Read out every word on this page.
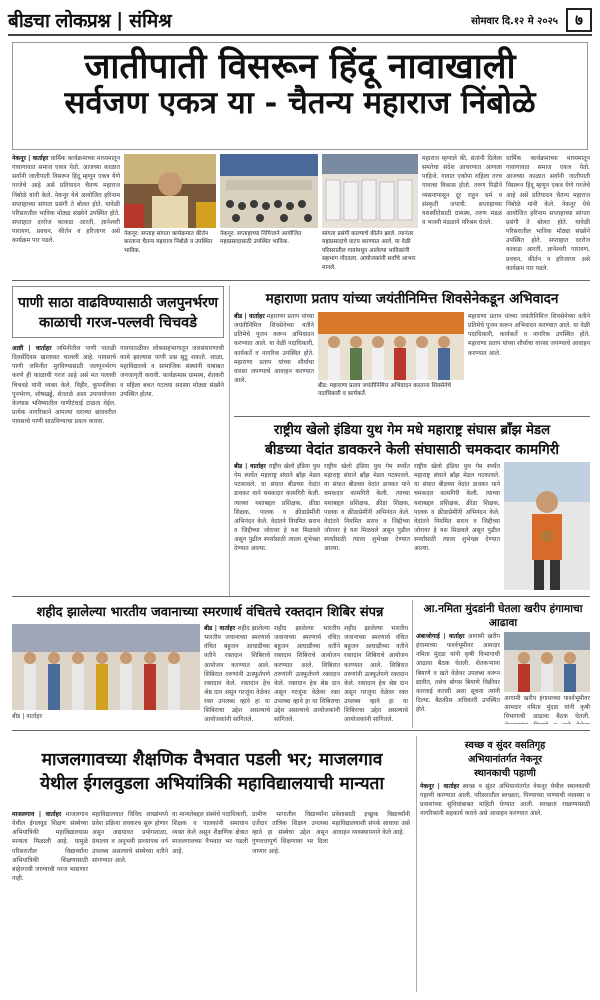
बीडचा लोकप्रश्न | संमिश्र	सोमवार दि.१२ मे २०२५	७
जातीपाती विसरून हिंदू नावाखाली
सर्वजण एकत्र या - चैतन्य महाराज निंबोळे
नेकनूर | वार्ताहर धार्मिक कार्यक्रमाच्या माध्यमातून गावागावात समाज एकत्र येतो. आजच्या काळात सर्वांनी जातीपाती विसरून हिंदू म्हणून एकत्र येणे गरजेचे आहे असे प्रतिपादन चैतन्य महाराज निंबोळे यांनी केले. नेकनूर येथे आयोजित हरिनाम सप्ताहाच्या सांगता प्रसंगी ते बोलत होते. यावेळी परिसरातील भाविक मोठ्या संख्येने उपस्थित होते. सप्ताहात दररोज काकडा आरती, ज्ञानेश्वरी पारायण, प्रवचन, कीर्तन व हरिजागर असे कार्यक्रम पार पडले.
नेकनूर: सप्ताह सांगता कार्यक्रमात कीर्तन करताना चैतन्य महाराज निंबोळे व उपस्थित भाविक.
नेकनूर: सप्ताहाच्या निमित्ताने आयोजित महाप्रसादासाठी उपस्थित भाविक.
सांगता प्रसंगी काल्याचे कीर्तन झाले. त्यानंतर महाप्रसादाचे वाटप करण्यात आले. या वेळी परिसरातील गावांमधून आलेल्या भाविकांनी सहभाग नोंदवला. आयोजकांनी सर्वांचे आभार मानले.
महाराज म्हणाले की, संतांनी दिलेला समतेचा संदेश आचरणात आणला पाहिजे. गावात एकोपा राहिला तरच गावाचा विकास होतो. तरुण पिढीने व्यसनापासून दूर राहून धर्म व संस्कृती जपावी. सप्ताहाच्या यशस्वीतेसाठी ग्रामस्थ, तरुण मंडळ व भजनी मंडळाने परिश्रम घेतले.
धार्मिक कार्यक्रमाच्या माध्यमातून गावागावात समाज एकत्र येतो. आजच्या काळात सर्वांनी जातीपाती विसरून हिंदू म्हणून एकत्र येणे गरजेचे आहे असे प्रतिपादन चैतन्य महाराज निंबोळे यांनी केले. नेकनूर येथे आयोजित हरिनाम सप्ताहाच्या सांगता प्रसंगी ते बोलत होते. यावेळी परिसरातील भाविक मोठ्या संख्येने उपस्थित होते. सप्ताहात दररोज काकडा आरती, ज्ञानेश्वरी पारायण, प्रवचन, कीर्तन व हरिजागर असे कार्यक्रम पार पडले.
पाणी साठा वाढविण्यासाठी जलपुनर्भरण
काळाची गरज-पल्लवी चिचवडे
आष्टी | वार्ताहर जमिनीतील पाणी पातळी दिवसेंदिवस खालावत चालली आहे. पावसाचे पाणी जमिनीत मुरविण्यासाठी जलपुनर्भरण करणे ही काळाची गरज आहे असे मत पल्लवी चिचवडे यांनी व्यक्त केले. विहीर, कूपनलिका पुनर्भरण, शोषखड्डे, शेततळे अशा उपाययोजना केल्यास भविष्यातील पाणीटंचाई टाळता येईल. प्रत्येक नागरिकाने आपल्या घराच्या छतावरील पावसाचे पाणी साठविण्याचा प्रयत्न करावा.
गावपातळीवर लोकसहभागातून जलसंधारणाची कामे झाल्यास पाणी प्रश्न सुटू शकतो. शाळा, महाविद्यालये व सामाजिक संस्थांनी याबाबत जनजागृती करावी. कार्यक्रमास ग्रामस्थ, शेतकरी व महिला बचत गटाच्या सदस्या मोठ्या संख्येने उपस्थित होत्या.
महाराणा प्रताप यांच्या जयंतीनिमित्त शिवसेनेकडून अभिवादन
बीड | वार्ताहर महाराणा प्रताप यांच्या जयंतीनिमित्त शिवसेनेच्या वतीने प्रतिमेचे पूजन करून अभिवादन करण्यात आले. या वेळी पदाधिकारी, कार्यकर्ते व नागरिक उपस्थित होते. महाराणा प्रताप यांच्या शौर्याचा वारसा जपण्याचे आवाहन करण्यात आले.
बीड: महाराणा प्रताप जयंतीनिमित्त अभिवादन करताना शिवसेनेचे पदाधिकारी व कार्यकर्ते.
महाराणा प्रताप यांच्या जयंतीनिमित्त शिवसेनेच्या वतीने प्रतिमेचे पूजन करून अभिवादन करण्यात आले. या वेळी पदाधिकारी, कार्यकर्ते व नागरिक उपस्थित होते. महाराणा प्रताप यांच्या शौर्याचा वारसा जपण्याचे आवाहन करण्यात आले.
राष्ट्रीय खेलो इंडिया युथ गेम मधे महाराष्ट्र संघास ब्राँझ मेडल
बीडच्या वेदांत डावकरने केली संघासाठी चमकदार कामगिरी
बीड | वार्ताहर राष्ट्रीय खेलो इंडिया युथ गेम स्पर्धेत महाराष्ट्र संघाने ब्राँझ मेडल पटकावले. या संघात बीडच्या वेदांत डावकर याने चमकदार कामगिरी केली. त्याच्या यशाबद्दल प्रशिक्षक, क्रीडा शिक्षक, पालक व क्रीडाप्रेमींनी अभिनंदन केले. वेदांतने नियमित सराव व जिद्दीच्या जोरावर हे यश मिळवले असून पुढील स्पर्धांसाठी त्याला शुभेच्छा देण्यात आल्या.
राष्ट्रीय खेलो इंडिया युथ गेम स्पर्धेत महाराष्ट्र संघाने ब्राँझ मेडल पटकावले. या संघात बीडच्या वेदांत डावकर याने चमकदार कामगिरी केली. त्याच्या यशाबद्दल प्रशिक्षक, क्रीडा शिक्षक, पालक व क्रीडाप्रेमींनी अभिनंदन केले. वेदांतने नियमित सराव व जिद्दीच्या जोरावर हे यश मिळवले असून पुढील स्पर्धांसाठी त्याला शुभेच्छा देण्यात आल्या.
राष्ट्रीय खेलो इंडिया युथ गेम स्पर्धेत महाराष्ट्र संघाने ब्राँझ मेडल पटकावले. या संघात बीडच्या वेदांत डावकर याने चमकदार कामगिरी केली. त्याच्या यशाबद्दल प्रशिक्षक, क्रीडा शिक्षक, पालक व क्रीडाप्रेमींनी अभिनंदन केले. वेदांतने नियमित सराव व जिद्दीच्या जोरावर हे यश मिळवले असून पुढील स्पर्धांसाठी त्याला शुभेच्छा देण्यात आल्या.
शहीद झालेल्या भारतीय जवानाच्या स्मरणार्थ वंचितचे रक्तदान शिबिर संपन्न
बीड | वार्ताहर शहीद झालेल्या भारतीय जवानाच्या स्मरणार्थ वंचित बहुजन आघाडीच्या वतीने रक्तदान शिबिराचे आयोजन करण्यात आले. शिबिरात तरुणांनी उत्स्फूर्तपणे रक्तदान केले. रक्तदान हेच श्रेष्ठ दान असून गरजूंना वेळेवर रक्त उपलब्ध व्हावे हा या शिबिराचा उद्देश असल्याचे आयोजकांनी सांगितले.
शहीद झालेल्या भारतीय जवानाच्या स्मरणार्थ वंचित बहुजन आघाडीच्या वतीने रक्तदान शिबिराचे आयोजन करण्यात आले. शिबिरात तरुणांनी उत्स्फूर्तपणे रक्तदान केले. रक्तदान हेच श्रेष्ठ दान असून गरजूंना वेळेवर रक्त उपलब्ध व्हावे हा या शिबिराचा उद्देश असल्याचे आयोजकांनी सांगितले.
शहीद झालेल्या भारतीय जवानाच्या स्मरणार्थ वंचित बहुजन आघाडीच्या वतीने रक्तदान शिबिराचे आयोजन करण्यात आले. शिबिरात तरुणांनी उत्स्फूर्तपणे रक्तदान केले. रक्तदान हेच श्रेष्ठ दान असून गरजूंना वेळेवर रक्त उपलब्ध व्हावे हा या शिबिराचा उद्देश असल्याचे आयोजकांनी सांगितले.
बीड | वार्ताहर
आ.नमिता मुंदडांनी घेतला खरीप हंगामाचा आढावा
अंबाजोगाई | वार्ताहर आगामी खरीप हंगामाच्या पार्श्वभूमीवर आमदार नमिता मुंदडा यांनी कृषी विभागाची आढावा बैठक घेतली. शेतकऱ्यांना बियाणे व खते वेळेवर उपलब्ध करून द्यावीत, तसेच बोगस बियाणे विक्रीवर कारवाई करावी अशा सूचना त्यांनी दिल्या. बैठकीस अधिकारी उपस्थित होते.
आगामी खरीप हंगामाच्या पार्श्वभूमीवर आमदार नमिता मुंदडा यांनी कृषी विभागाची आढावा बैठक घेतली.
माजलगावच्या शैक्षणिक वैभवात पडली भर; माजलगाव
येथील ईगलवुडला अभियांत्रिकी महाविद्यालयाची मान्यता
माजलगाव | वार्ताहर माजलगाव येथील ईगलवुड शिक्षण संस्थेच्या अभियांत्रिकी महाविद्यालयास मान्यता मिळाली आहे. यामुळे परिसरातील विद्यार्थ्यांना अभियांत्रिकी शिक्षणासाठी बाहेरगावी जाण्याची गरज भासणार नाही.
महाविद्यालयात विविध शाखांमध्ये प्रवेश प्रक्रिया लवकरच सुरू होणार असून अद्ययावत प्रयोगशाळा, ग्रंथालय व अनुभवी प्राध्यापक वर्ग उपलब्ध असल्याचे संस्थेच्या वतीने सांगण्यात आले.
या मान्यतेबद्दल संस्थेचे पदाधिकारी, शिक्षक व पालकांनी समाधान व्यक्त केले असून शैक्षणिक क्षेत्रात माजलगावच्या वैभवात भर पडली आहे.
ग्रामीण भागातील विद्यार्थ्यांना दर्जेदार तांत्रिक शिक्षण उपलब्ध व्हावे हा संस्थेचा उद्देश असून गुणवत्तापूर्ण शिक्षणावर भर दिला जाणार आहे.
प्रवेशासाठी इच्छुक विद्यार्थ्यांनी महाविद्यालयाशी संपर्क साधावा असे आवाहन व्यवस्थापनाने केले आहे.
स्वच्छ व सुंदर वसतिगृह
अभियानांतर्गत नेकनूर
स्थानकाची पहाणी
नेकनूर | वार्ताहर स्वच्छ व सुंदर अभियानांतर्गत नेकनूर येथील स्थानकाची पहाणी करण्यात आली. परिसरातील स्वच्छता, पिण्याच्या पाण्याची व्यवस्था व प्रवाशांच्या सुविधांबाबत माहिती घेण्यात आली. स्वच्छता राखण्यासाठी नागरिकांनी सहकार्य करावे असे आवाहन करण्यात आले.
